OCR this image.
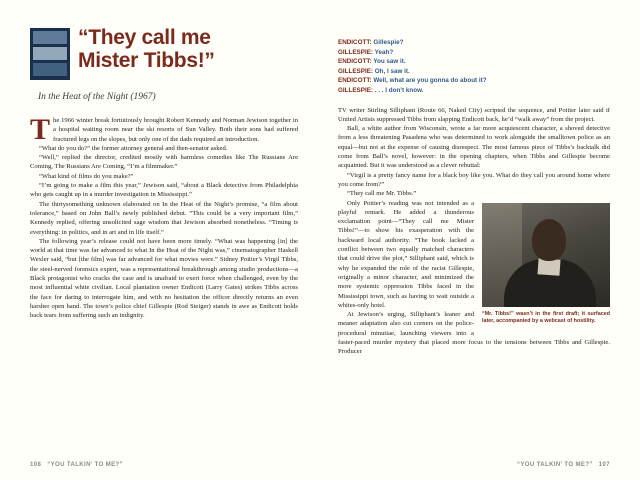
“They call me
Mister Tibbs!”
In the Heat of the Night (1967)

The 1966 winter break fortuitously brought Robert Kennedy and Norman Jewison together in a hospital waiting room near the ski resorts of Sun Valley. Both their sons had suffered fractured legs on the slopes, but only one of the dads required an introduction.

“What do you do?” the former attorney general and then-senator asked.

“Well,” replied the director, credited mostly with harmless comedies like The Russians Are Coming, The Russians Are Coming, “I’m a filmmaker.”

“What kind of films do you make?”

“I’m going to make a film this year,” Jewison said, “about a Black detective from Philadelphia who gets caught up in a murder investigation in Mississippi.”

The thirtysomething unknown elaborated on In the Heat of the Night’s promise, “a film about tolerance,” based on John Ball’s newly published debut. “This could be a very important film,” Kennedy replied, offering unsolicited sage wisdom that Jewison absorbed nonetheless. “Timing is everything: in politics, and in art and in life itself.”

The following year’s release could not have been more timely. “What was happening [in] the world at that time was far advanced to what In the Heat of the Night was,” cinematographer Haskell Wexler said, “but [the film] was far advanced for what movies were.” Sidney Poitier’s Virgil Tibbs, the steel-nerved forensics expert, was a representational breakthrough among studio productions—a Black protagonist who cracks the case and is unafraid to exert force when challenged, even by the most influential white civilian. Local plantation owner Endicott (Larry Gates) strikes Tibbs across the face for daring to interrogate him, and with no hesitation the officer directly returns an even harsher open hand. The town’s police chief Gillespie (Rod Steiger) stands in awe as Endicott holds back tears from suffering such an indignity.

108 “YOU TALKIN’ TO ME?”
ENDICOTT: Gillespie?
GILLESPIE: Yeah?
ENDICOTT: You saw it.
GILLESPIE: Oh, I saw it.
ENDICOTT: Well, what are you gonna do about it?
GILLESPIE: . . . I don’t know.

TV writer Stirling Silliphant (Route 66, Naked City) scripted the sequence, and Poitier later said if United Artists suppressed Tibbs from slapping Endicott back, he’d “walk away” from the project.

Ball, a white author from Wisconsin, wrote a far more acquiescent character, a shoved detective from a less threatening Pasadena who was determined to work alongside the smalltown police as an equal—but not at the expense of causing disrespect. The most famous piece of Tibbs’s backtalk did come from Ball’s novel, however: in the opening chapters, when Tibbs and Gillespie become acquainted. But it was understood as a clever rebuttal:

“Virgil is a pretty fancy name for a black boy like you. What do they call you around home where you come from?”

“They call me Mr. Tibbs.”

“Mr. Tibbs!” wasn’t in the first draft; it surfaced later, accompanied by a webcast of hostility.

Only Poitier’s reading was not intended as a playful remark. He added a thunderous exclamation point—“They call me Mister Tibbs!”—to show his exasperation with the backward local authority. “The book lacked a conflict between two equally matched characters that could drive the plot,” Silliphant said, which is why he expanded the role of the racist Gillespie, originally a minor character, and minimized the more systemic oppression Tibbs faced in the Mississippi town, such as having to wait outside a whites-only hotel.

At Jewison’s urging, Silliphant’s leaner and meaner adaptation also cut corners on the police-procedural minutiae, launching viewers into a faster-paced murder mystery that placed more focus to the tensions between Tibbs and Gillespie. Producer

“YOU TALKIN’ TO ME?” 107
